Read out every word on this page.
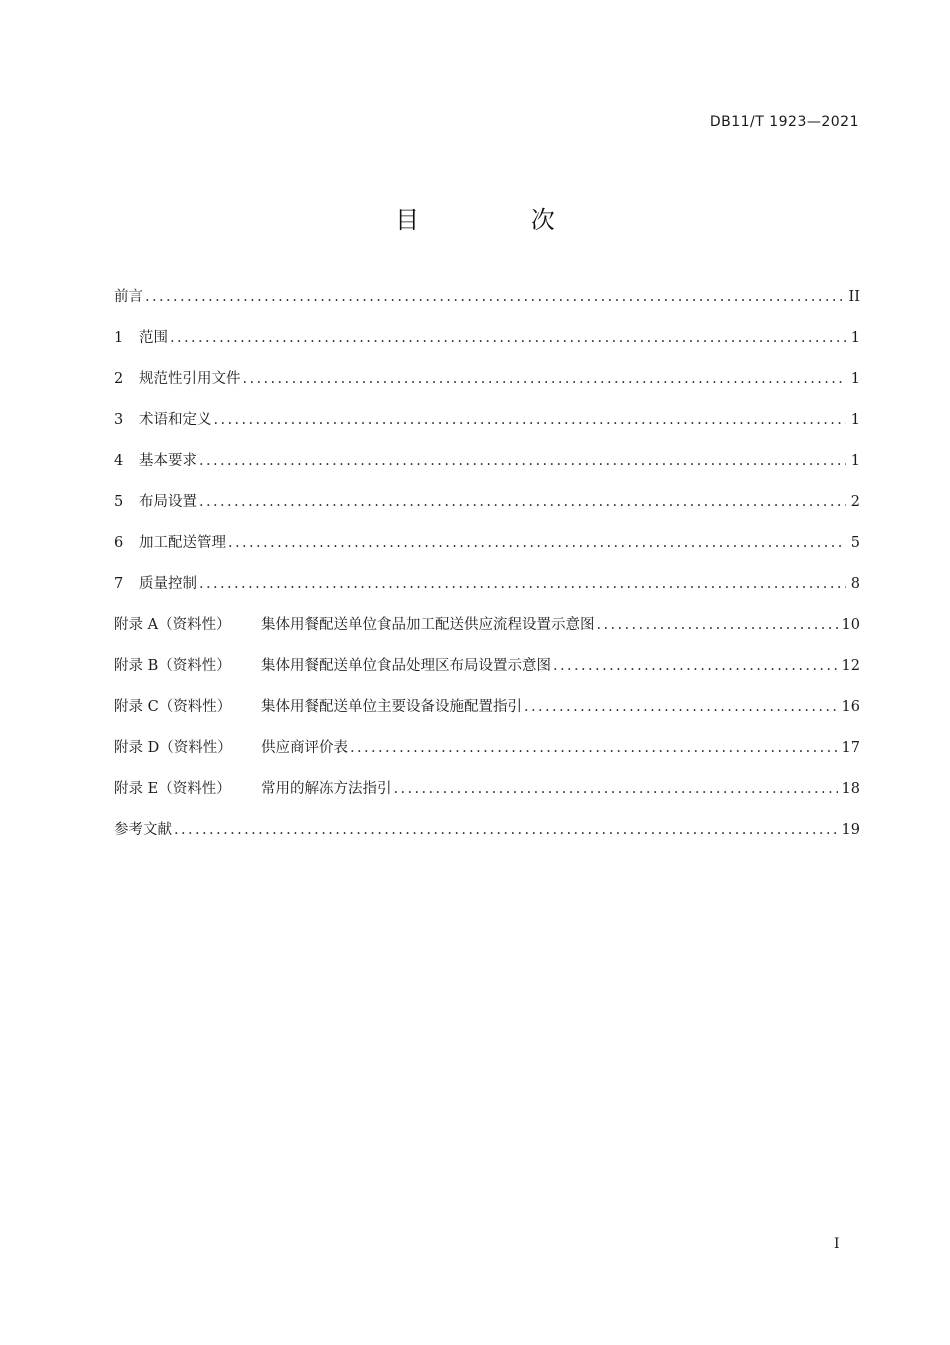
DB11/T 1923—2021
目 次
前言 .....	II
1	范围 .....	1
2	规范性引用文件 .....	1
3	术语和定义 .....	1
4	基本要求 .....	1
5	布局设置 .....	2
6	加工配送管理 .....	5
7	质量控制 .....	8
附录 A（资料性）	集体用餐配送单位食品加工配送供应流程设置示意图 .....	10
附录 B（资料性）	集体用餐配送单位食品处理区布局设置示意图 .....	12
附录 C（资料性）	集体用餐配送单位主要设备设施配置指引 .....	16
附录 D（资料性）	供应商评价表 .....	17
附录 E（资料性）	常用的解冻方法指引 .....	18
参考文献 .....	19
I
